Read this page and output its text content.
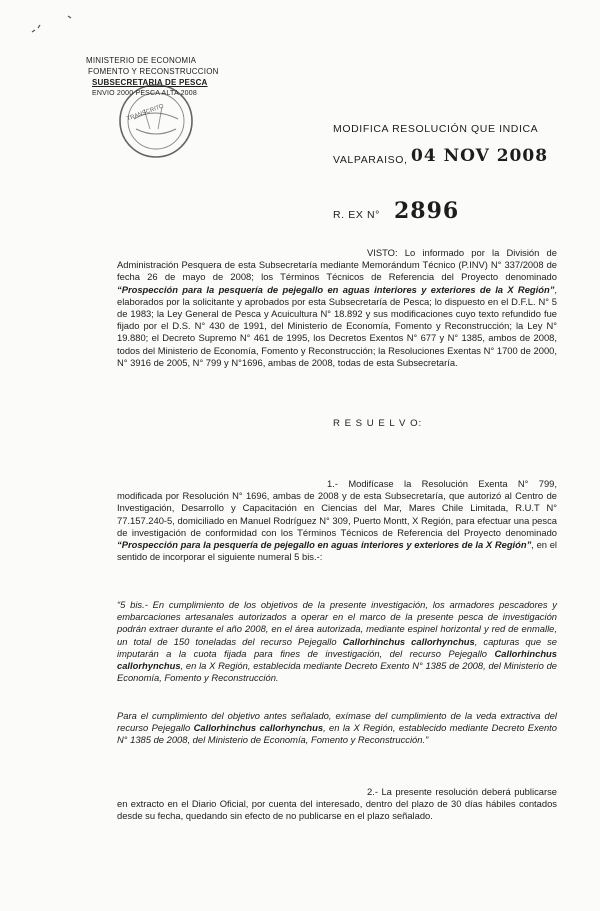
MINISTERIO DE ECONOMIA
FOMENTO Y RECONSTRUCCION
SUBSECRETARIA DE PESCA
ENVIO 2000 PESCA ALTA 2008
TRANSCRITO
MODIFICA RESOLUCIÓN QUE INDICA
VALPARAISO, 04 NOV 2008
R. EX N° 2896
VISTO: Lo informado por la División de Administración Pesquera de esta Subsecretaría mediante Memorándum Técnico (P.INV) N° 337/2008 de fecha 26 de mayo de 2008; los Términos Técnicos de Referencia del Proyecto denominado “Prospección para la pesquería de pejegallo en aguas interiores y exteriores de la X Región”, elaborados por la solicitante y aprobados por esta Subsecretaría de Pesca; lo dispuesto en el D.F.L. N° 5 de 1983; la Ley General de Pesca y Acuicultura N° 18.892 y sus modificaciones cuyo texto refundido fue fijado por el D.S. N° 430 de 1991, del Ministerio de Economía, Fomento y Reconstrucción; la Ley N° 19.880; el Decreto Supremo N° 461 de 1995, los Decretos Exentos N° 677 y N° 1385, ambos de 2008, todos del Ministerio de Economía, Fomento y Reconstrucción; la Resoluciones Exentas N° 1700 de 2000, N° 3916 de 2005, N° 799 y N°1696, ambas de 2008, todas de esta Subsecretaría.
R E S U E L V O:
1.- Modifícase la Resolución Exenta N° 799, modificada por Resolución N° 1696, ambas de 2008 y de esta Subsecretaría, que autorizó al Centro de Investigación, Desarrollo y Capacitación en Ciencias del Mar, Mares Chile Limitada, R.U.T N° 77.157.240-5, domiciliado en Manuel Rodríguez N° 309, Puerto Montt, X Región, para efectuar una pesca de investigación de conformidad con los Términos Técnicos de Referencia del Proyecto denominado “Prospección para la pesquería de pejegallo en aguas interiores y exteriores de la X Región”, en el sentido de incorporar el siguiente numeral 5 bis.-:
“5 bis.- En cumplimiento de los objetivos de la presente investigación, los armadores pescadores y embarcaciones artesanales autorizados a operar en el marco de la presente pesca de investigación podrán extraer durante el año 2008, en el área autorizada, mediante espinel horizontal y red de enmalle, un total de 150 toneladas del recurso Pejegallo Callorhinchus callorhynchus, capturas que se imputarán a la cuota fijada para fines de investigación, del recurso Pejegallo Callorhinchus callorhynchus, en la X Región, establecida mediante Decreto Exento N° 1385 de 2008, del Ministerio de Economía, Fomento y Reconstrucción.
Para el cumplimiento del objetivo antes señalado, exímase del cumplimiento de la veda extractiva del recurso Pejegallo Callorhinchus callorhynchus, en la X Región, establecido mediante Decreto Exento N° 1385 de 2008, del Ministerio de Economía, Fomento y Reconstrucción.”
2.- La presente resolución deberá publicarse en extracto en el Diario Oficial, por cuenta del interesado, dentro del plazo de 30 días hábiles contados desde su fecha, quedando sin efecto de no publicarse en el plazo señalado.
